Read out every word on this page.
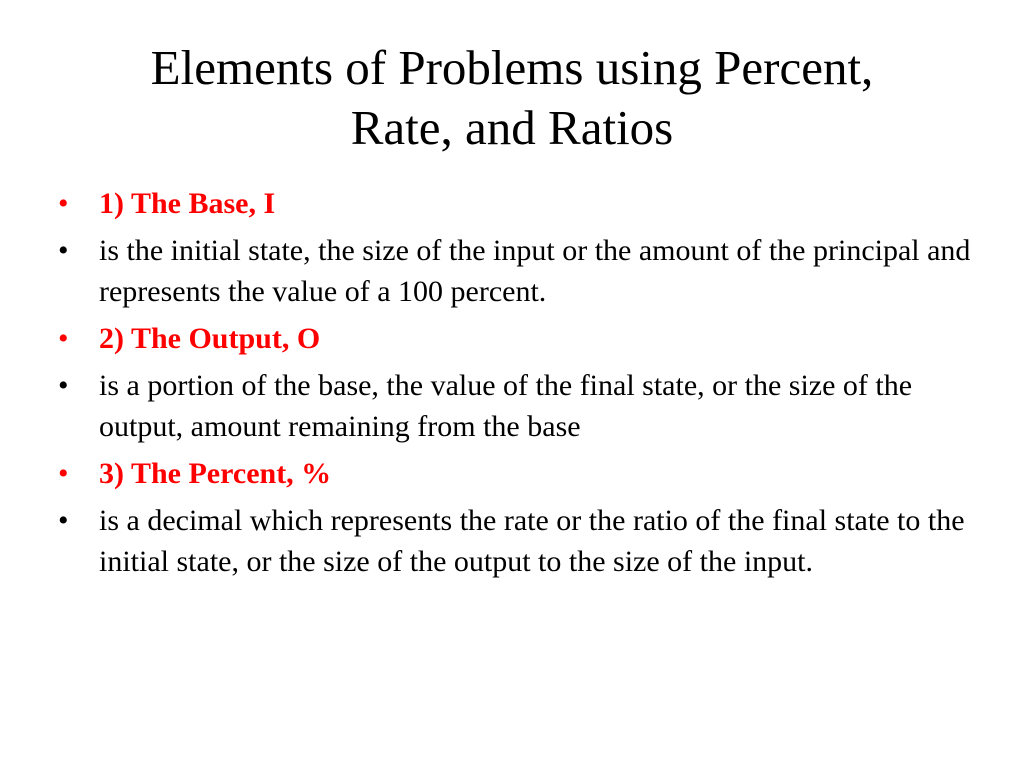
Elements of Problems using Percent,
Rate, and Ratios
•	1) The Base, I
•	is the initial state, the size of the input or the amount of the principal and represents the value of a 100 percent.
•	2) The Output, O
•	is a portion of the base, the value of the final state, or the size of the output, amount remaining from the base
•	3) The Percent, %
•	is a decimal which represents the rate or the ratio of the final state to the initial state, or the size of the output to the size of the input.
